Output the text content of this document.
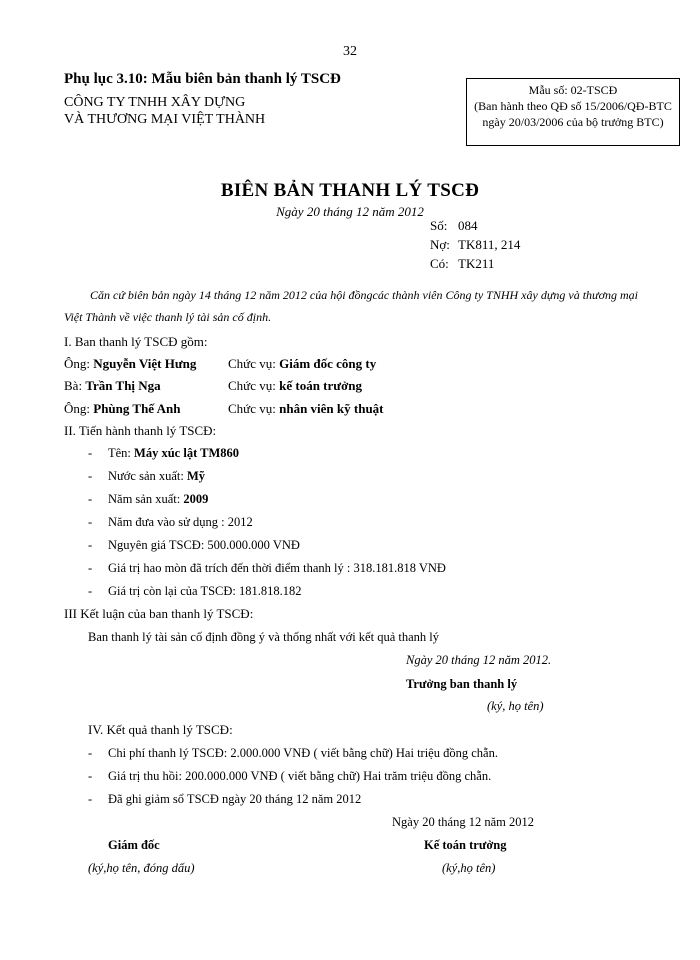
32
Phụ lục 3.10: Mẫu biên bản thanh lý TSCĐ
CÔNG TY TNHH XÂY DỰNG
VÀ THƯƠNG MẠI VIỆT THÀNH
Mẫu số: 02-TSCĐ
(Ban hành theo QĐ số 15/2006/QĐ-BTC
ngày 20/03/2006 của bộ trưởng BTC)
BIÊN BẢN THANH LÝ TSCĐ
Ngày 20 tháng 12 năm 2012
Số: 084
Nợ: TK811, 214
Có: TK211
Căn cứ biên bản ngày 14 tháng 12 năm 2012 của hội đồngcác thành viên Công ty TNHH xây dựng và thương mại Việt Thành về việc thanh lý tài sản cố định.
I. Ban thanh lý TSCĐ gồm:
Ông: Nguyễn Việt Hưng Chức vụ: Giám đốc công ty
Bà: Trần Thị Nga	Chức vụ: kế toán trưởng
Ông: Phùng Thế Anh	Chức vụ: nhân viên kỹ thuật
II. Tiến hành thanh lý TSCĐ:
- Tên: Máy xúc lật TM860
- Nước sản xuất: Mỹ
- Năm sản xuất: 2009
- Năm đưa vào sử dụng : 2012
- Nguyên giá TSCĐ: 500.000.000 VNĐ
- Giá trị hao mòn đã trích đến thời điểm thanh lý : 318.181.818 VNĐ
- Giá trị còn lại của TSCĐ: 181.818.182
III Kết luận của ban thanh lý TSCĐ:
Ban thanh lý tài sản cố định đồng ý và thống nhất với kết quả thanh lý
Ngày 20 tháng 12 năm 2012.
Trưởng ban thanh lý
(ký, họ tên)
IV. Kết quả thanh lý TSCĐ:
- Chi phí thanh lý TSCĐ: 2.000.000 VNĐ ( viết bằng chữ) Hai triệu đồng chẵn.
- Giá trị thu hồi: 200.000.000 VNĐ ( viết bằng chữ) Hai trăm triệu đồng chẵn.
- Đã ghi giảm sổ TSCĐ ngày 20 tháng 12 năm 2012
Ngày 20 tháng 12 năm 2012
Giám đốc	Kế toán trưởng
(ký,họ tên, đóng dấu)	(ký,họ tên)
